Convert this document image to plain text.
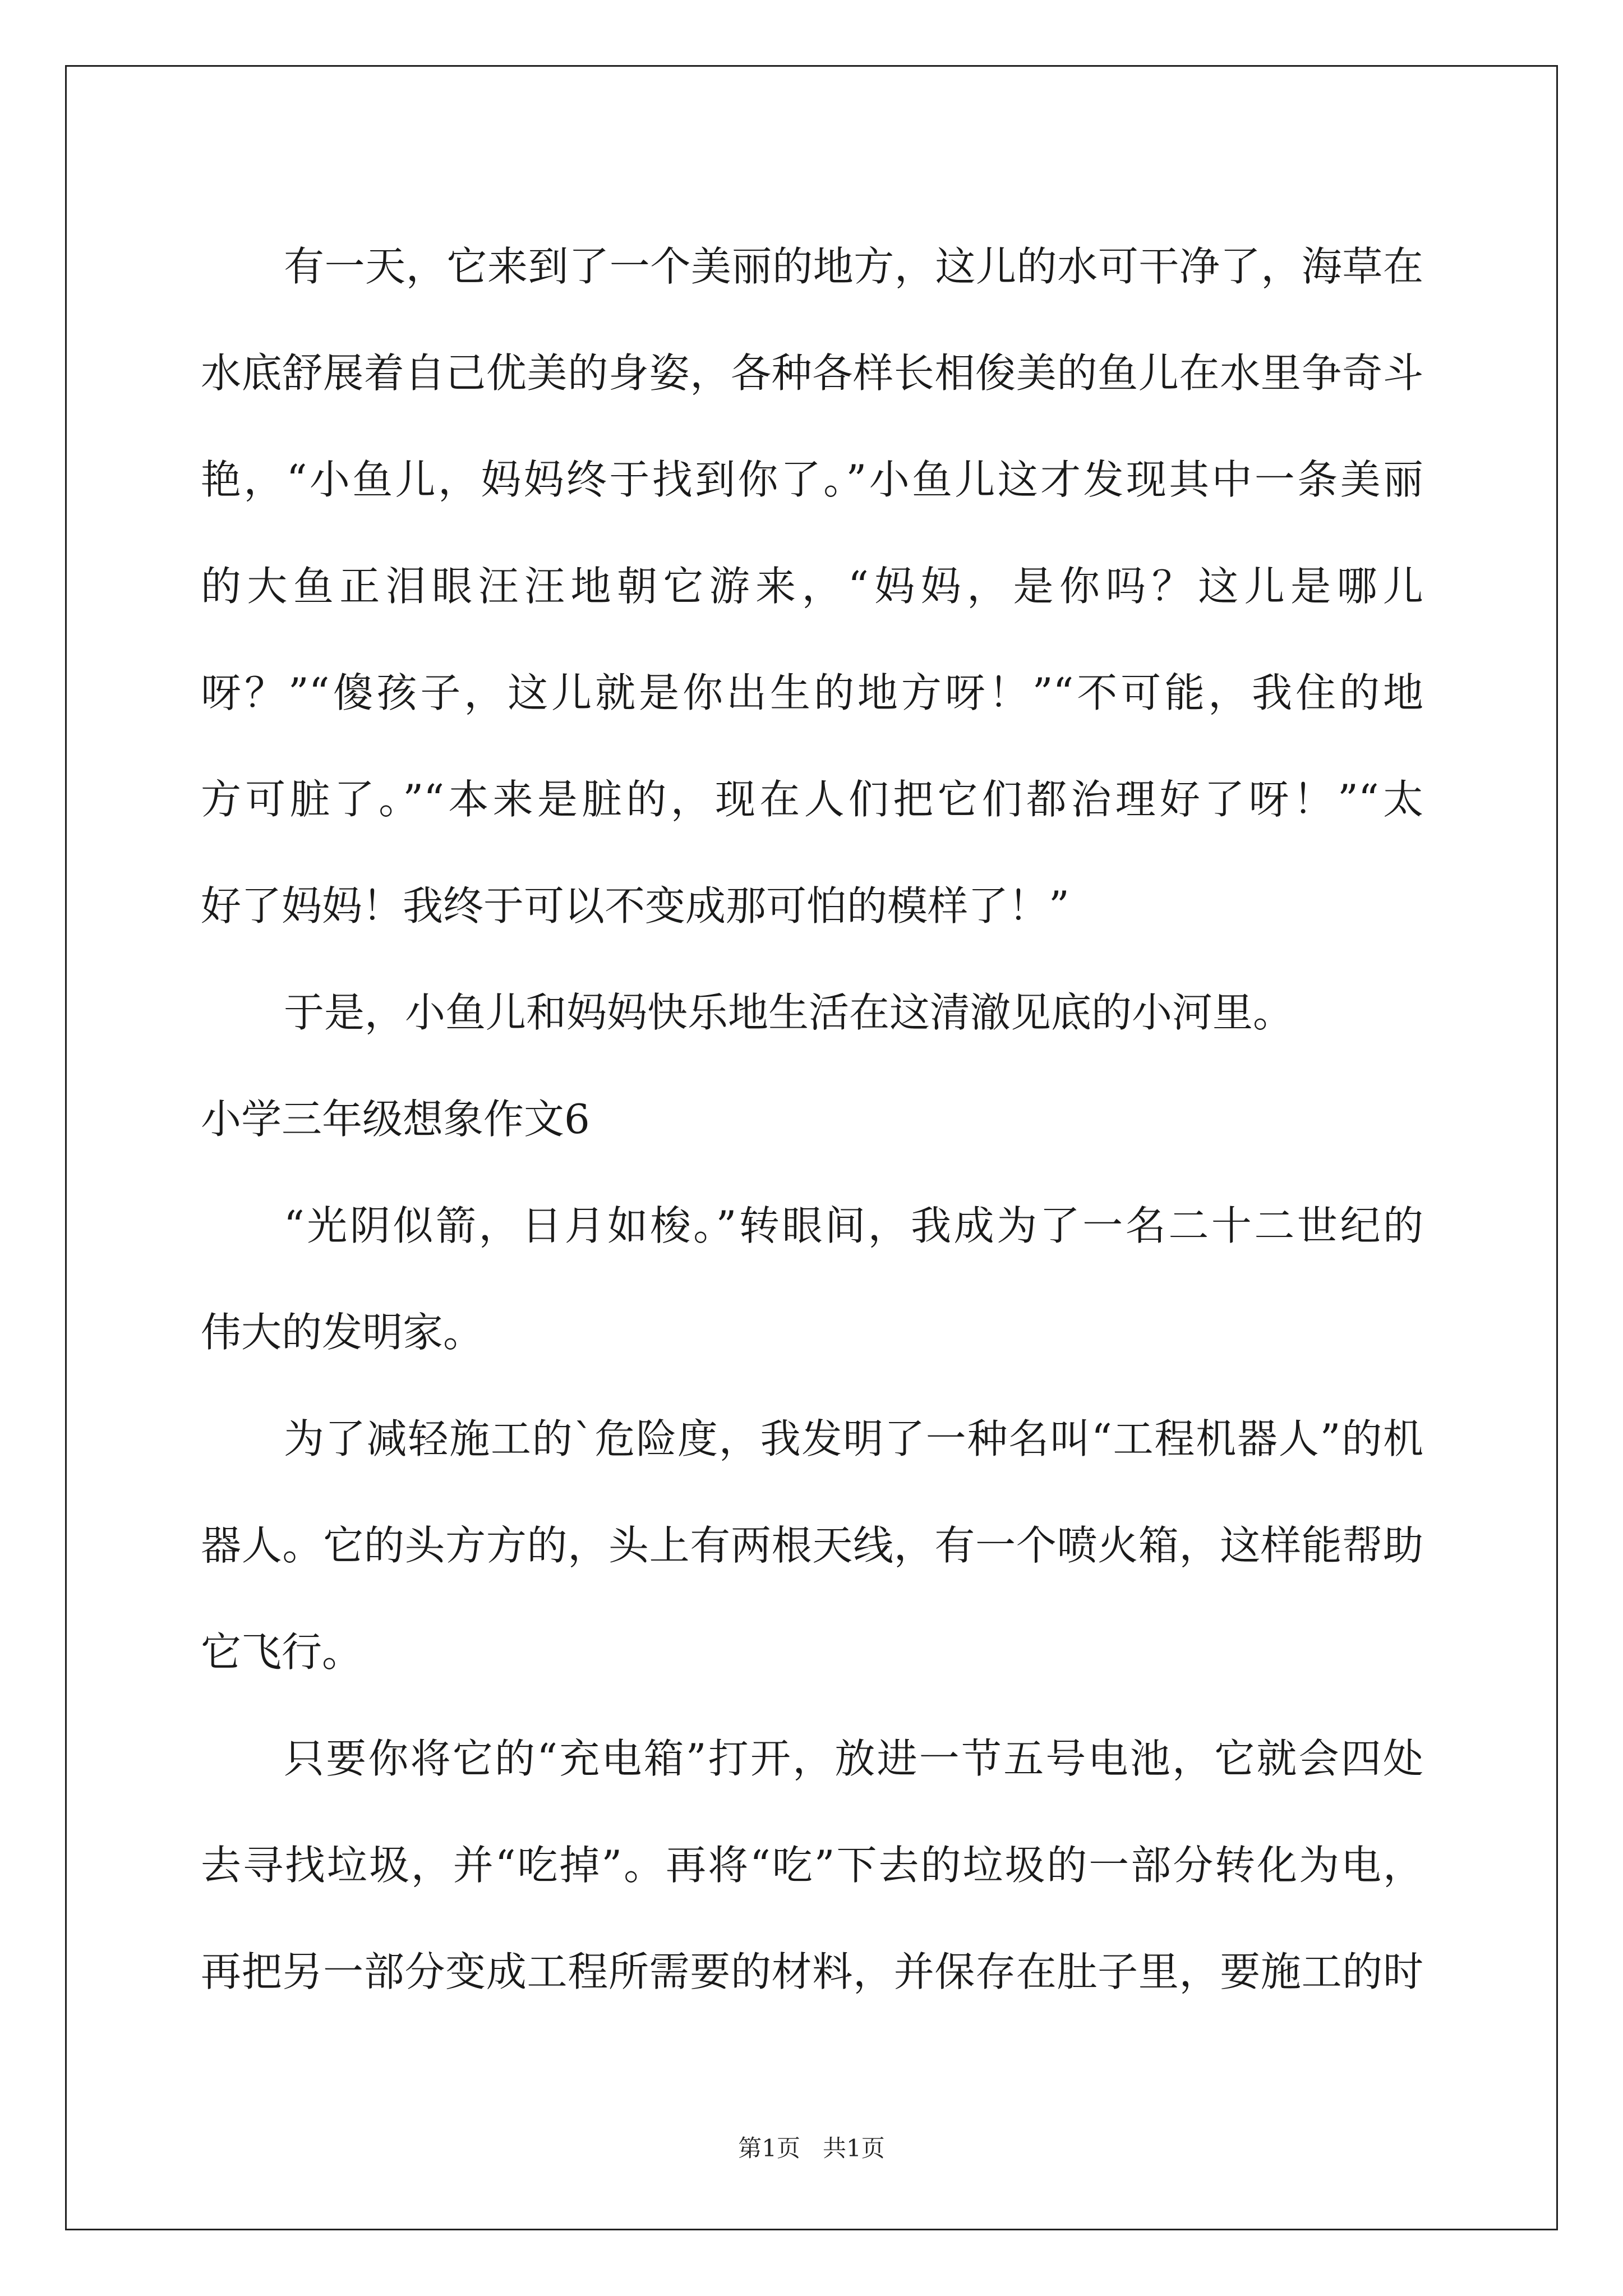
有一天，它来到了一个美丽的地方，这儿的水可干净了，海草在
水底舒展着自己优美的身姿，各种各样长相俊美的鱼儿在水里争奇斗
艳，“小鱼儿，妈妈终于找到你了。”小鱼儿这才发现其中一条美丽
的大鱼正泪眼汪汪地朝它游来，“妈妈，是你吗？这儿是哪儿
呀？”“傻孩子，这儿就是你出生的地方呀！”“不可能，我住的地
方可脏了。”“本来是脏的，现在人们把它们都治理好了呀！”“太
好了妈妈！我终于可以不变成那可怕的模样了！”
于是，小鱼儿和妈妈快乐地生活在这清澈见底的小河里。
小学三年级想象作文6
“光阴似箭，日月如梭。”转眼间，我成为了一名二十二世纪的
伟大的发明家。
为了减轻施工的`危险度，我发明了一种名叫“工程机器人”的机
器人。它的头方方的，头上有两根天线，有一个喷火箱，这样能帮助
它飞行。
只要你将它的“充电箱”打开，放进一节五号电池，它就会四处
去寻找垃圾，并“吃掉”。再将“吃”下去的垃圾的一部分转化为电，
再把另一部分变成工程所需要的材料，并保存在肚子里，要施工的时
第1页 共1页
